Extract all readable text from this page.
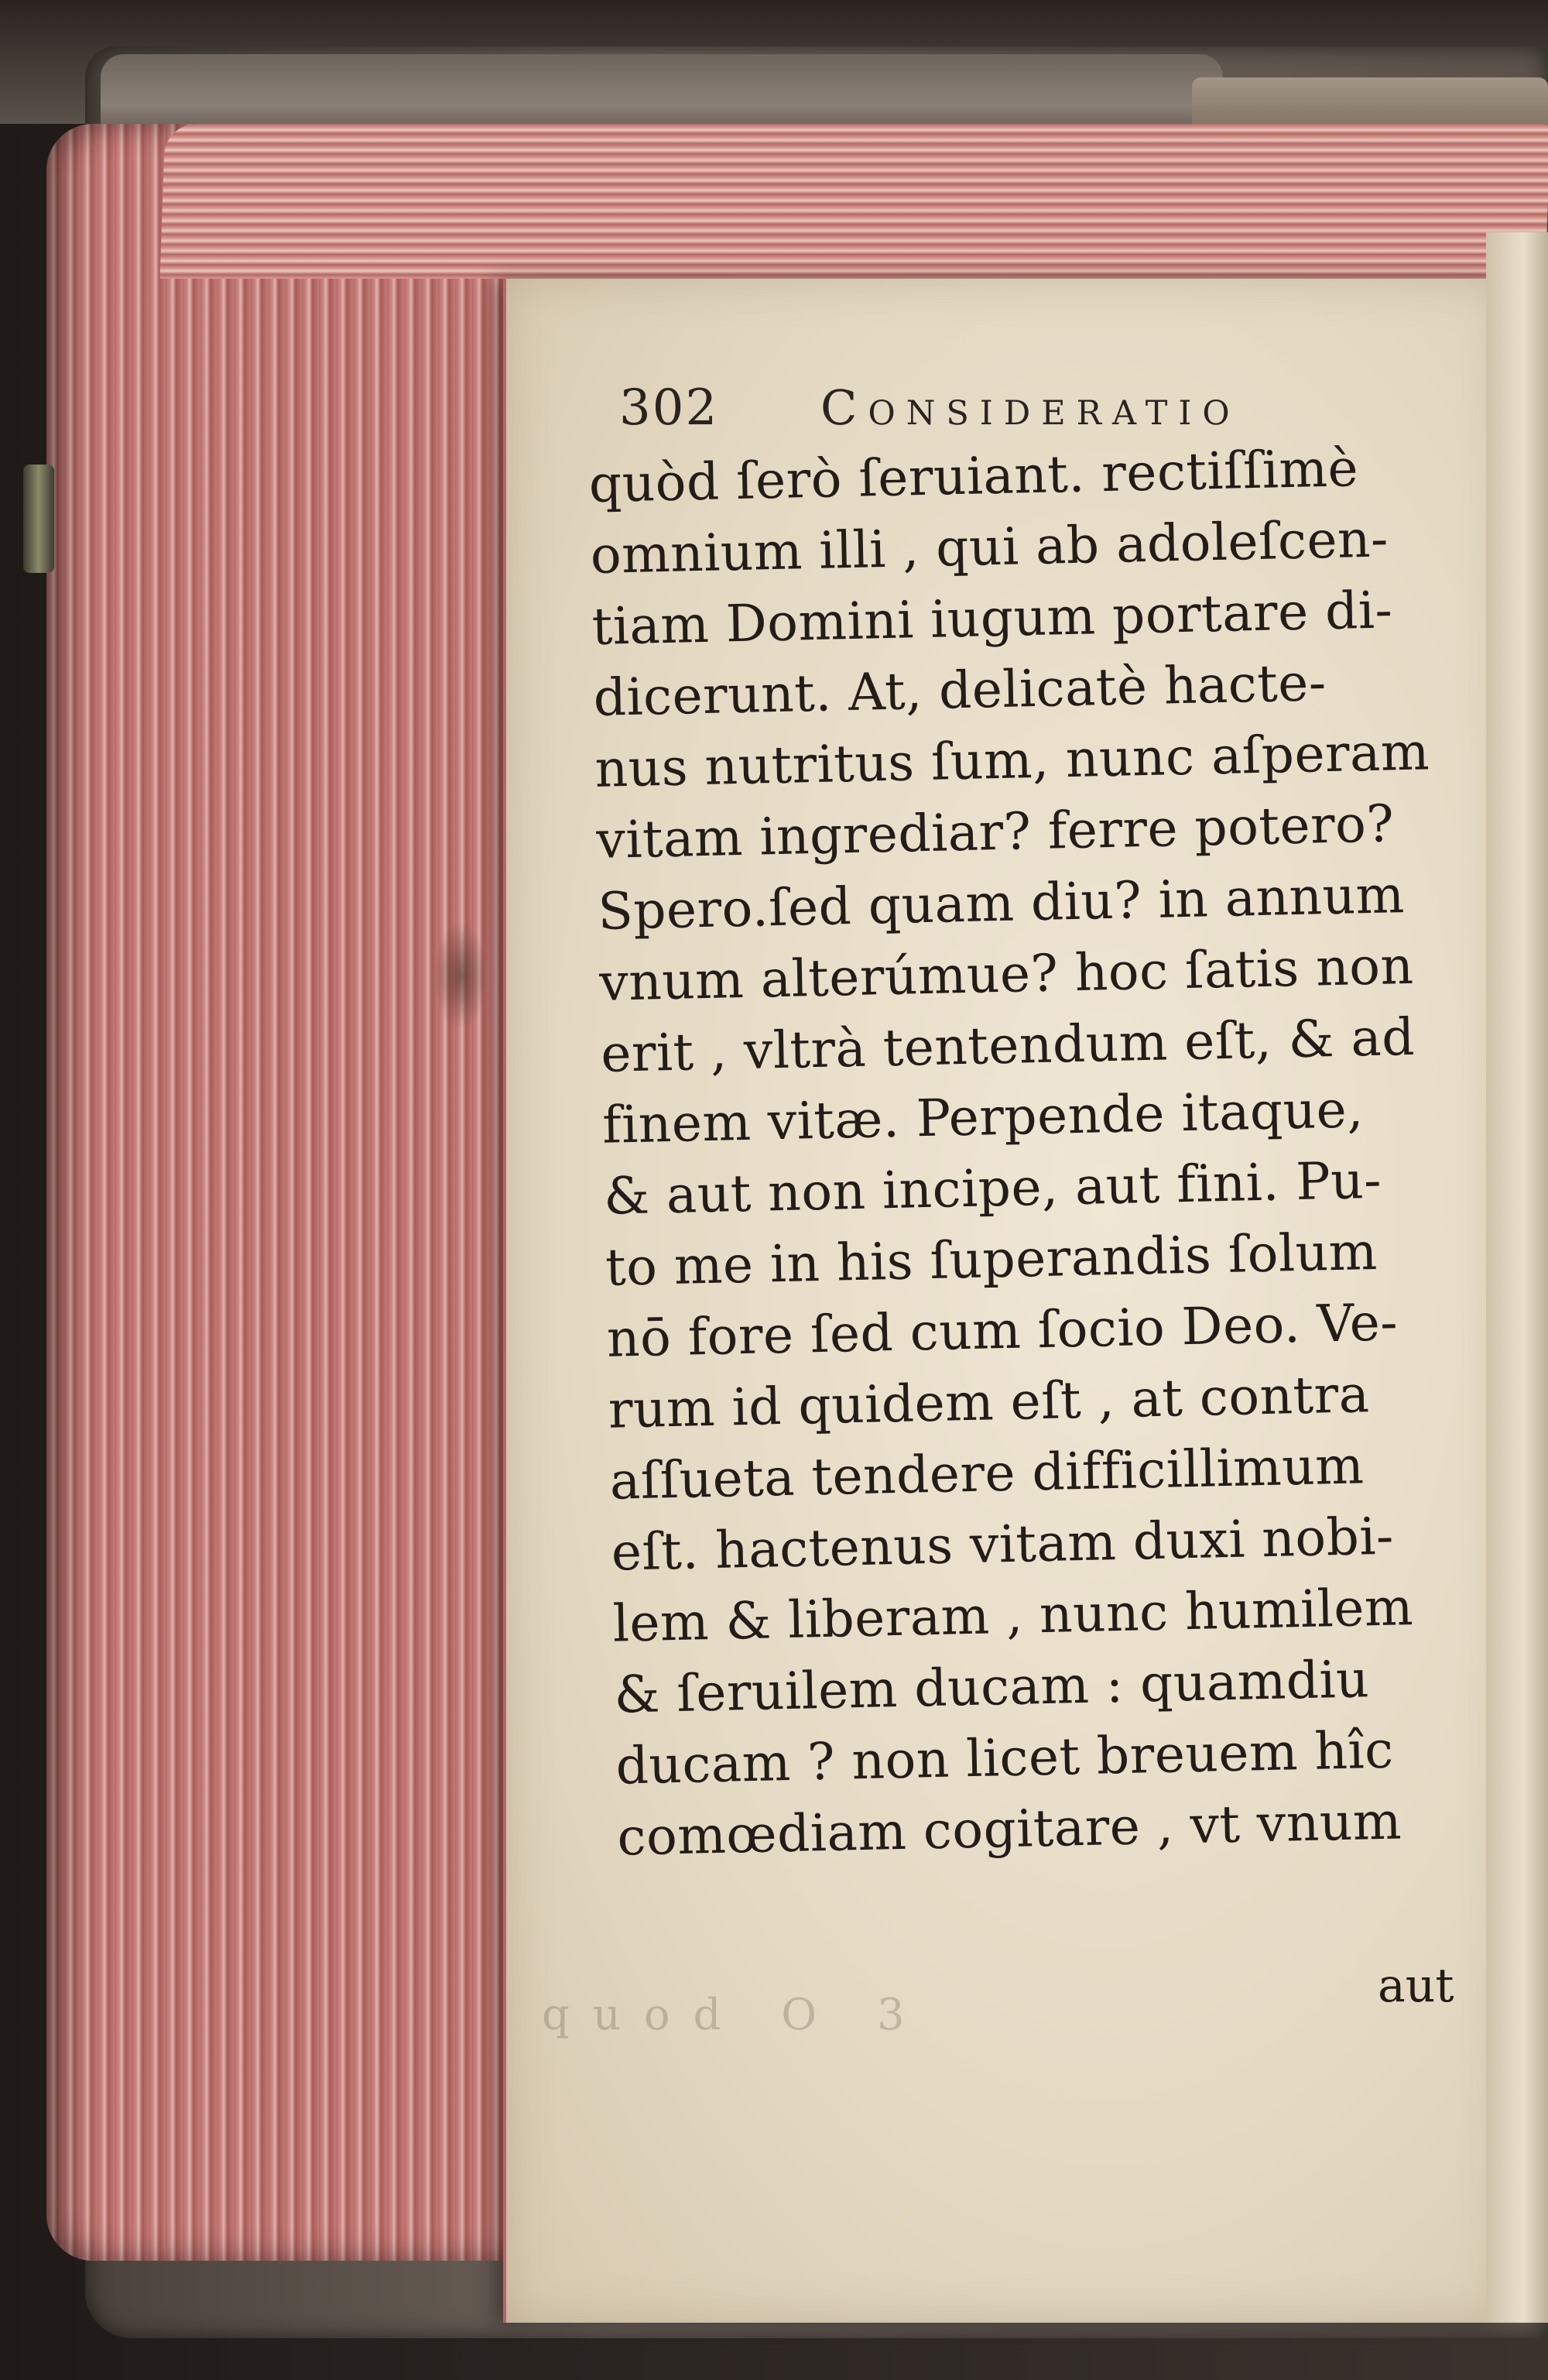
302 Consideratio
quòd ſerò ſeruiant. rectiſſimè
omnium illi , qui ab adoleſcen-
tiam Domini iugum portare di-
dicerunt. At, delicatè hacte-
nus nutritus ſum, nunc aſperam
vitam ingrediar? ferre potero?
Spero.ſed quam diu? in annum
vnum alterúmue? hoc ſatis non
erit , vltrà tentendum eſt, & ad
finem vitæ. Perpende itaque,
& aut non incipe, aut fini. Pu-
to me in his ſuperandis ſolum
nō fore ſed cum ſocio Deo. Ve-
rum id quidem eſt , at contra
aſſueta tendere difficillimum
eſt. hactenus vitam duxi nobi-
lem & liberam , nunc humilem
& ſeruilem ducam : quamdiu
ducam ? non licet breuem hîc
comœdiam cogitare , vt vnum
quod O 3
aut
